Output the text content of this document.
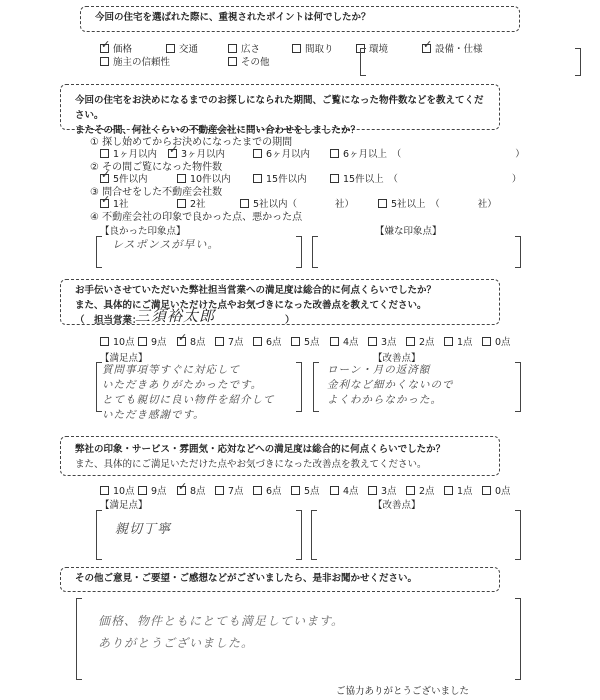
今回の住宅を選ばれた際に、重視されたポイントは何でしたか？
✓価格	交通	広さ	間取り	環境 ✓	設備・仕様
施主の信頼性	その他
今回の住宅をお決めになるまでのお探しになられた期間、ご覧になった物件数などを教えてください。
またその間、何社くらいの不動産会社に問い合わせをしましたか？
① 探し始めてからお決めになったまでの期間
1ヶ月以内 ✓	3ヶ月以内	6ヶ月以内	6ヶ月以上　（　　　　　　　　　　　　）
② その間ご覧になった物件数
✓5件以内	10件以内	15件以内	15件以上　（　　　　　　　　　　　　）
③ 問合せをした不動産会社数
✓1社	2社	5社以内（　　　　社）	5社以上　（　　　　社）
④ 不動産会社の印象で良かった点、悪かった点
【良かった印象点】	【嫌な印象点】
レスポンスが早い。
お手伝いさせていただいた弊社担当営業への満足度は総合的に何点くらいでしたか？
また、具体的にご満足いただけた点やお気づきになった改善点を教えてください。
（　担当営業：
三須裕太郎	）
10点	9点 ✓	8点	7点	6点	5点	4点	3点	2点	1点	0点
【満足点】	【改善点】
質問事項等すぐに対応して
いただきありがたかったです。
とても親切に良い物件を紹介して
いただき感謝です。
ローン・月の返済額
金利など細かくないので
よくわからなかった。
弊社の印象・サービス・雰囲気・応対などへの満足度は総合的に何点くらいでしたか？
また、具体的にご満足いただけた点やお気づきになった改善点を教えてください。
10点	9点 ✓	8点	7点	6点	5点	4点	3点	2点	1点	0点
【満足点】	【改善点】
親切丁寧
その他ご意見・ご要望・ご感想などがございましたら、是非お聞かせください。
価格、物件ともにとても満足しています。
ありがとうございました。
ご協力ありがとうございました
